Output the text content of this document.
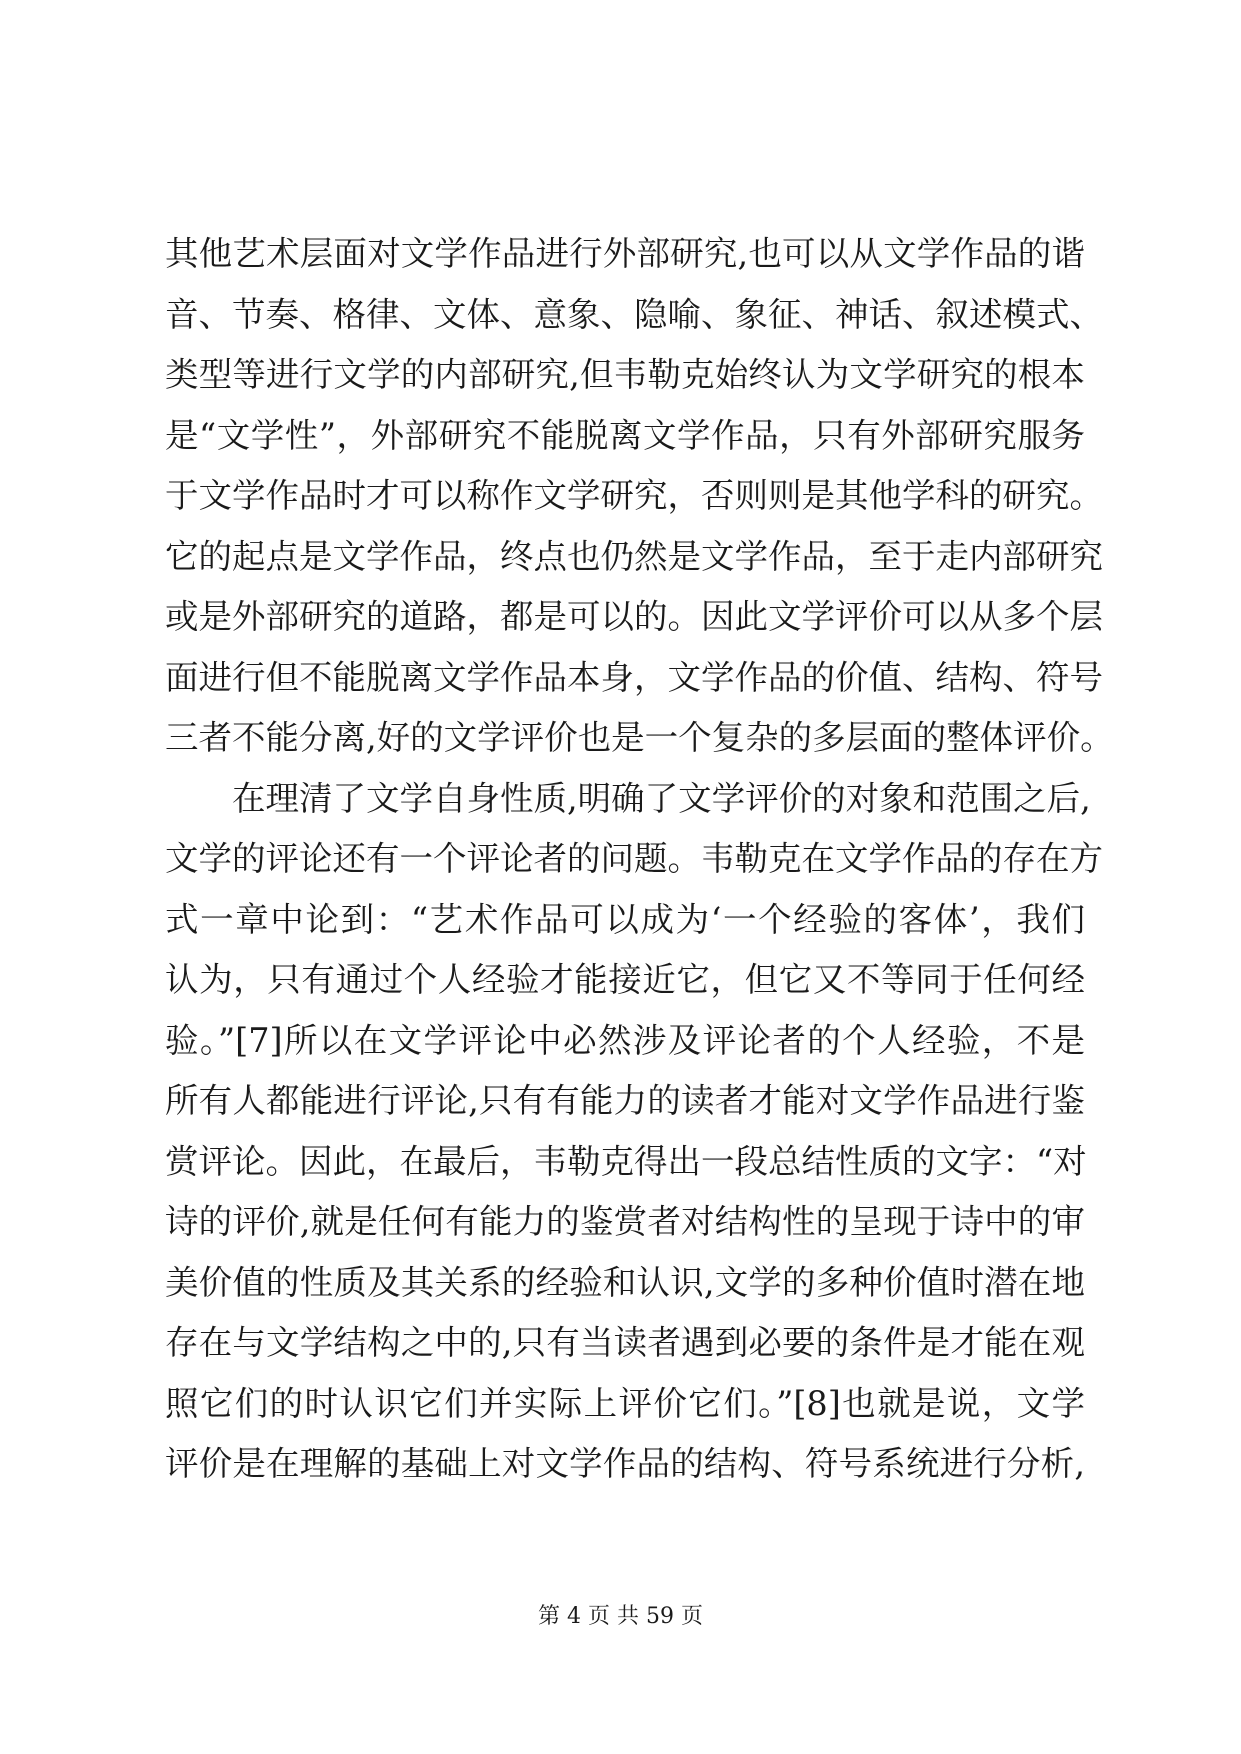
其他艺术层面对文学作品进行外部研究,也可以从文学作品的谐
音、节奏、格律、文体、意象、隐喻、象征、神话、叙述模式、
类型等进行文学的内部研究,但韦勒克始终认为文学研究的根本
是“文学性”，外部研究不能脱离文学作品，只有外部研究服务
于文学作品时才可以称作文学研究，否则则是其他学科的研究。
它的起点是文学作品，终点也仍然是文学作品，至于走内部研究
或是外部研究的道路，都是可以的。因此文学评价可以从多个层
面进行但不能脱离文学作品本身，文学作品的价值、结构、符号
三者不能分离,好的文学评价也是一个复杂的多层面的整体评价。
在理清了文学自身性质,明确了文学评价的对象和范围之后,
文学的评论还有一个评论者的问题。韦勒克在文学作品的存在方
式一章中论到：“艺术作品可以成为‘一个经验的客体’，我们
认为，只有通过个人经验才能接近它，但它又不等同于任何经
验。”[7]所以在文学评论中必然涉及评论者的个人经验，不是
所有人都能进行评论,只有有能力的读者才能对文学作品进行鉴
赏评论。因此，在最后，韦勒克得出一段总结性质的文字：“对
诗的评价,就是任何有能力的鉴赏者对结构性的呈现于诗中的审
美价值的性质及其关系的经验和认识,文学的多种价值时潜在地
存在与文学结构之中的,只有当读者遇到必要的条件是才能在观
照它们的时认识它们并实际上评价它们。”[8]也就是说，文学
评价是在理解的基础上对文学作品的结构、符号系统进行分析,
第 4 页 共 59 页
